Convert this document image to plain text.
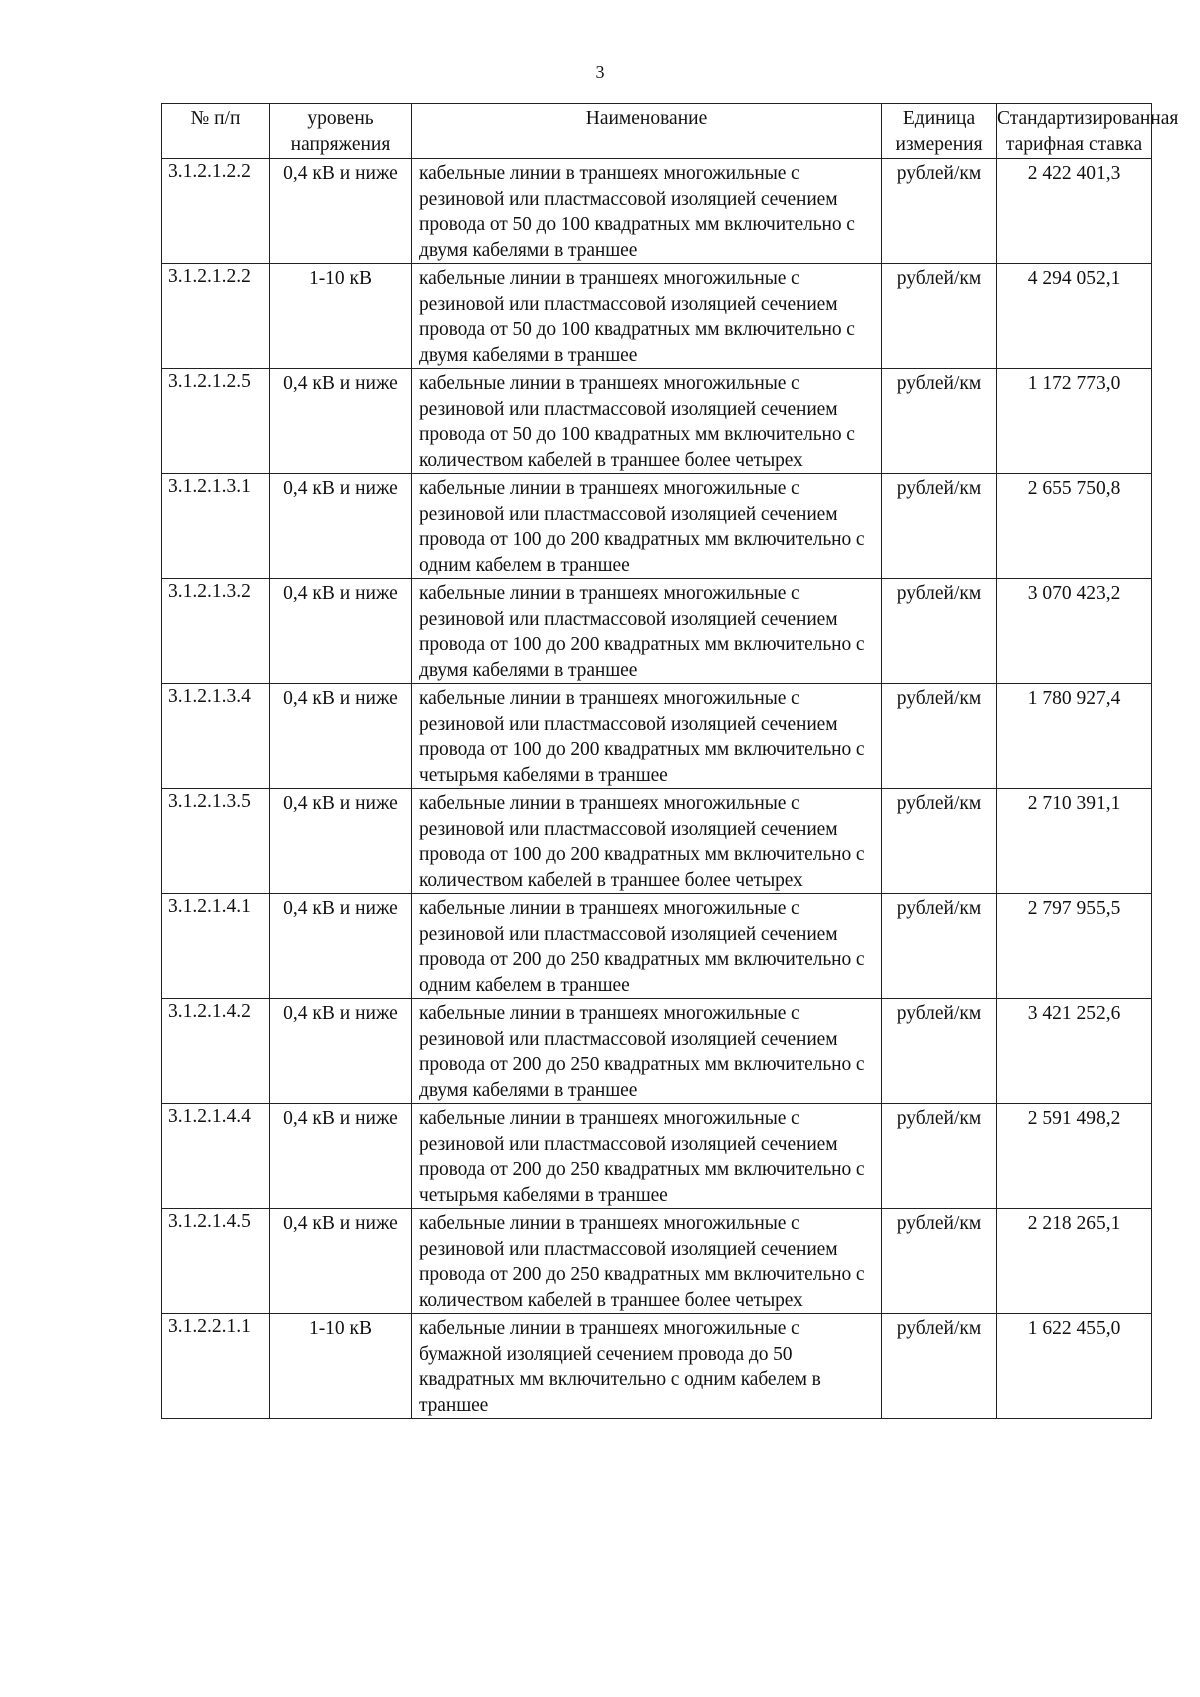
3
№ п/п	уровень напряжения	Наименование	Единица измерения	Стандартизированная тарифная ставка
3.1.2.1.2.2	0,4 кВ и ниже	кабельные линии в траншеях многожильные с резиновой или пластмассовой изоляцией сечением провода от 50 до 100 квадратных мм включительно с двумя кабелями в траншее	рублей/км	2 422 401,3
3.1.2.1.2.2	1-10 кВ	кабельные линии в траншеях многожильные с резиновой или пластмассовой изоляцией сечением провода от 50 до 100 квадратных мм включительно с двумя кабелями в траншее	рублей/км	4 294 052,1
3.1.2.1.2.5	0,4 кВ и ниже	кабельные линии в траншеях многожильные с резиновой или пластмассовой изоляцией сечением провода от 50 до 100 квадратных мм включительно с количеством кабелей в траншее более четырех	рублей/км	1 172 773,0
3.1.2.1.3.1	0,4 кВ и ниже	кабельные линии в траншеях многожильные с резиновой или пластмассовой изоляцией сечением провода от 100 до 200 квадратных мм включительно с одним кабелем в траншее	рублей/км	2 655 750,8
3.1.2.1.3.2	0,4 кВ и ниже	кабельные линии в траншеях многожильные с резиновой или пластмассовой изоляцией сечением провода от 100 до 200 квадратных мм включительно с двумя кабелями в траншее	рублей/км	3 070 423,2
3.1.2.1.3.4	0,4 кВ и ниже	кабельные линии в траншеях многожильные с резиновой или пластмассовой изоляцией сечением провода от 100 до 200 квадратных мм включительно с четырьмя кабелями в траншее	рублей/км	1 780 927,4
3.1.2.1.3.5	0,4 кВ и ниже	кабельные линии в траншеях многожильные с резиновой или пластмассовой изоляцией сечением провода от 100 до 200 квадратных мм включительно с количеством кабелей в траншее более четырех	рублей/км	2 710 391,1
3.1.2.1.4.1	0,4 кВ и ниже	кабельные линии в траншеях многожильные с резиновой или пластмассовой изоляцией сечением провода от 200 до 250 квадратных мм включительно с одним кабелем в траншее	рублей/км	2 797 955,5
3.1.2.1.4.2	0,4 кВ и ниже	кабельные линии в траншеях многожильные с резиновой или пластмассовой изоляцией сечением провода от 200 до 250 квадратных мм включительно с двумя кабелями в траншее	рублей/км	3 421 252,6
3.1.2.1.4.4	0,4 кВ и ниже	кабельные линии в траншеях многожильные с резиновой или пластмассовой изоляцией сечением провода от 200 до 250 квадратных мм включительно с четырьмя кабелями в траншее	рублей/км	2 591 498,2
3.1.2.1.4.5	0,4 кВ и ниже	кабельные линии в траншеях многожильные с резиновой или пластмассовой изоляцией сечением провода от 200 до 250 квадратных мм включительно с количеством кабелей в траншее более четырех	рублей/км	2 218 265,1
3.1.2.2.1.1	1-10 кВ	кабельные линии в траншеях многожильные с бумажной изоляцией сечением провода до 50 квадратных мм включительно с одним кабелем в траншее	рублей/км	1 622 455,0
